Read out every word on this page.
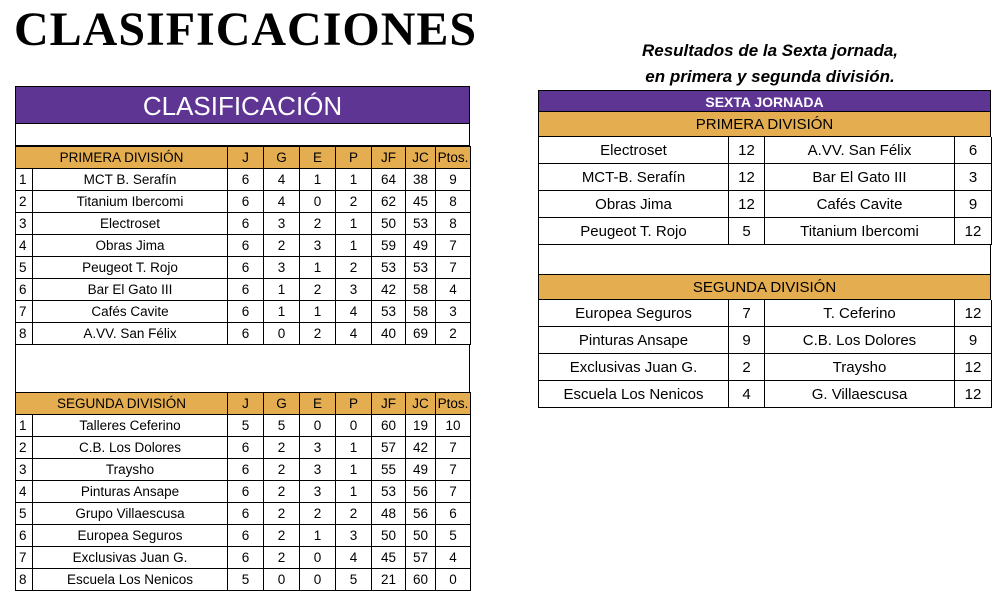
CLASIFICACIONES	Resultados de la Sexta jornada,
en primera y segunda división.
CLASIFICACIÓN
PRIMERA DIVISIÓN		J	G	E	P	JF	JC	Ptos.
1	MCT B. Serafín	6	4	1	1	64	38	9
2	Titanium Ibercomi	6	4	0	2	62	45	8
3	Electroset	6	3	2	1	50	53	8
4	Obras Jima	6	2	3	1	59	49	7
5	Peugeot T. Rojo	6	3	1	2	53	53	7
6	Bar El Gato III	6	1	2	3	42	58	4
7	Cafés Cavite	6	1	1	4	53	58	3
8	A.VV. San Félix	6	0	2	4	40	69	2
SEGUNDA DIVISIÓN		J	G	E	P	JF	JC	Ptos.
1	Talleres Ceferino	5	5	0	0	60	19	10
2	C.B. Los Dolores	6	2	3	1	57	42	7
3	Traysho	6	2	3	1	55	49	7
4	Pinturas Ansape	6	2	3	1	53	56	7
5	Grupo Villaescusa	6	2	2	2	48	56	6
6	Europea Seguros	6	2	1	3	50	50	5
7	Exclusivas Juan G.	6	2	0	4	45	57	4
8	Escuela Los Nenicos	5	0	0	5	21	60	0
SEXTA JORNADA
PRIMERA DIVISIÓN
Electroset	12	A.VV. San Félix	6
MCT-B. Serafín	12	Bar El Gato III	3
Obras Jima	12	Cafés Cavite	9
Peugeot T. Rojo	5	Titanium Ibercomi	12
SEGUNDA DIVISIÓN
Europea Seguros	7	T. Ceferino	12
Pinturas Ansape	9	C.B. Los Dolores	9
Exclusivas Juan G.	2	Traysho	12
Escuela Los Nenicos	4	G. Villaescusa	12
